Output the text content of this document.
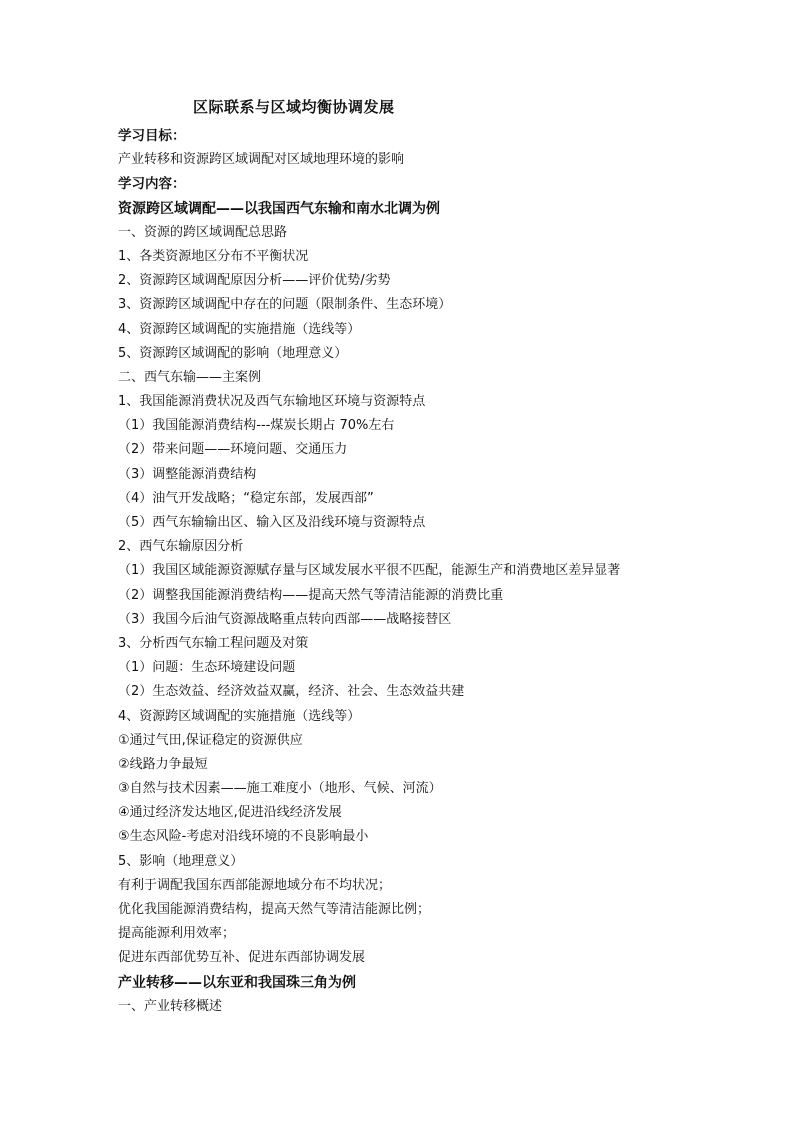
区际联系与区域均衡协调发展
学习目标：
产业转移和资源跨区域调配对区域地理环境的影响
学习内容：
资源跨区域调配——以我国西气东输和南水北调为例
一、资源的跨区域调配总思路
1、各类资源地区分布不平衡状况
2、资源跨区域调配原因分析——评价优势/劣势
3、资源跨区域调配中存在的问题（限制条件、生态环境）
4、资源跨区域调配的实施措施（选线等）
5、资源跨区域调配的影响（地理意义）
二、西气东输——主案例
1、我国能源消费状况及西气东输地区环境与资源特点
（1）我国能源消费结构---煤炭长期占 70%左右
（2）带来问题——环境问题、交通压力
（3）调整能源消费结构
（4）油气开发战略；“稳定东部，发展西部”
（5）西气东输输出区、输入区及沿线环境与资源特点
2、西气东输原因分析
（1）我国区域能源资源赋存量与区域发展水平很不匹配，能源生产和消费地区差异显著
（2）调整我国能源消费结构——提高天然气等清洁能源的消费比重
（3）我国今后油气资源战略重点转向西部——战略接替区
3、分析西气东输工程问题及对策
（1）问题：生态环境建设问题
（2）生态效益、经济效益双赢，经济、社会、生态效益共建
4、资源跨区域调配的实施措施（选线等）
①通过气田,保证稳定的资源供应
②线路力争最短
③自然与技术因素——施工难度小（地形、气候、河流）
④通过经济发达地区,促进沿线经济发展
⑤生态风险-考虑对沿线环境的不良影响最小
5、影响（地理意义）
有利于调配我国东西部能源地域分布不均状况；
优化我国能源消费结构，提高天然气等清洁能源比例；
提高能源利用效率；
促进东西部优势互补、促进东西部协调发展
产业转移——以东亚和我国珠三角为例
一、产业转移概述
